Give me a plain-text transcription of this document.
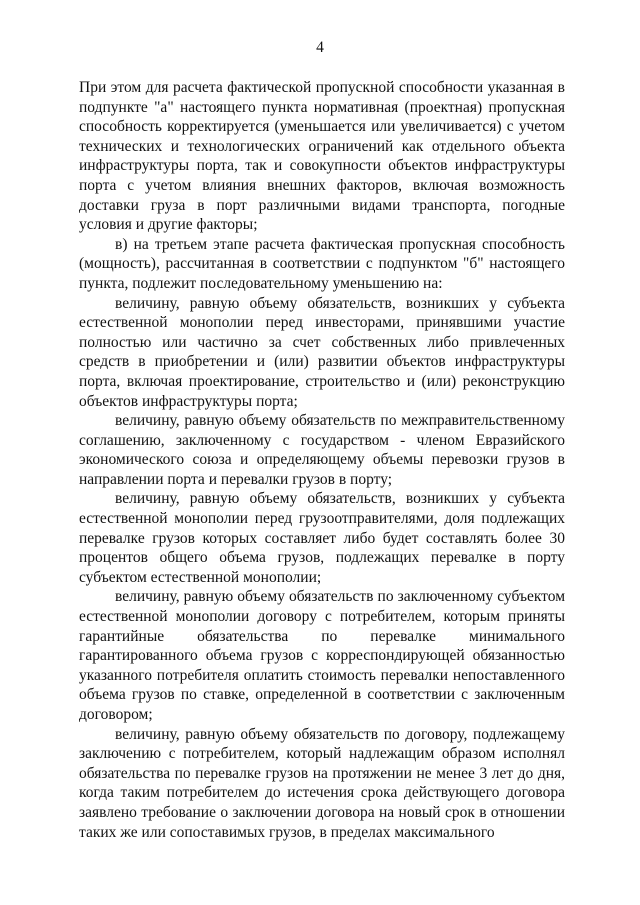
4

При этом для расчета фактической пропускной способности указанная в подпункте "а" настоящего пункта нормативная (проектная) пропускная способность корректируется (уменьшается или увеличивается) с учетом технических и технологических ограничений как отдельного объекта инфраструктуры порта, так и совокупности объектов инфраструктуры порта с учетом влияния внешних факторов, включая возможность доставки груза в порт различными видами транспорта, погодные условия и другие факторы;

в) на третьем этапе расчета фактическая пропускная способность (мощность), рассчитанная в соответствии с подпунктом "б" настоящего пункта, подлежит последовательному уменьшению на:

величину, равную объему обязательств, возникших у субъекта естественной монополии перед инвесторами, принявшими участие полностью или частично за счет собственных либо привлеченных средств в приобретении и (или) развитии объектов инфраструктуры порта, включая проектирование, строительство и (или) реконструкцию объектов инфраструктуры порта;

величину, равную объему обязательств по межправительственному соглашению, заключенному с государством - членом Евразийского экономического союза и определяющему объемы перевозки грузов в направлении порта и перевалки грузов в порту;

величину, равную объему обязательств, возникших у субъекта естественной монополии перед грузоотправителями, доля подлежащих перевалке грузов которых составляет либо будет составлять более 30 процентов общего объема грузов, подлежащих перевалке в порту субъектом естественной монополии;

величину, равную объему обязательств по заключенному субъектом естественной монополии договору с потребителем, которым приняты гарантийные обязательства по перевалке минимального гарантированного объема грузов с корреспондирующей обязанностью указанного потребителя оплатить стоимость перевалки непоставленного объема грузов по ставке, определенной в соответствии с заключенным договором;

величину, равную объему обязательств по договору, подлежащему заключению с потребителем, который надлежащим образом исполнял обязательства по перевалке грузов на протяжении не менее 3 лет до дня, когда таким потребителем до истечения срока действующего договора заявлено требование о заключении договора на новый срок в отношении таких же или сопоставимых грузов, в пределах максимального
